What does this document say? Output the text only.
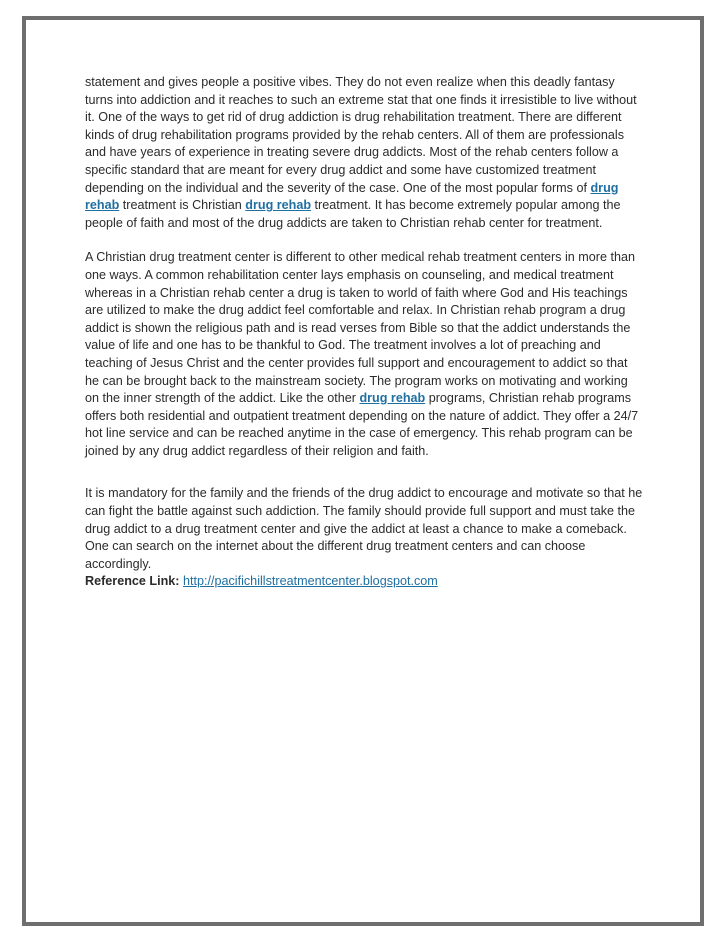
statement and gives people a positive vibes. They do not even realize when this deadly fantasy turns into addiction and it reaches to such an extreme stat that one finds it irresistible to live without it. One of the ways to get rid of drug addiction is drug rehabilitation treatment. There are different kinds of drug rehabilitation programs provided by the rehab centers. All of them are professionals and have years of experience in treating severe drug addicts. Most of the rehab centers follow a specific standard that are meant for every drug addict and some have customized treatment depending on the individual and the severity of the case. One of the most popular forms of drug rehab treatment is Christian drug rehab treatment. It has become extremely popular among the people of faith and most of the drug addicts are taken to Christian rehab center for treatment.

A Christian drug treatment center is different to other medical rehab treatment centers in more than one ways. A common rehabilitation center lays emphasis on counseling, and medical treatment whereas in a Christian rehab center a drug is taken to world of faith where God and His teachings are utilized to make the drug addict feel comfortable and relax. In Christian rehab program a drug addict is shown the religious path and is read verses from Bible so that the addict understands the value of life and one has to be thankful to God. The treatment involves a lot of preaching and teaching of Jesus Christ and the center provides full support and encouragement to addict so that he can be brought back to the mainstream society. The program works on motivating and working on the inner strength of the addict. Like the other drug rehab programs, Christian rehab programs offers both residential and outpatient treatment depending on the nature of addict. They offer a 24/7 hot line service and can be reached anytime in the case of emergency. This rehab program can be joined by any drug addict regardless of their religion and faith.

It is mandatory for the family and the friends of the drug addict to encourage and motivate so that he can fight the battle against such addiction. The family should provide full support and must take the drug addict to a drug treatment center and give the addict at least a chance to make a comeback. One can search on the internet about the different drug treatment centers and can choose accordingly.

Reference Link: http://pacifichillstreatmentcenter.blogspot.com
